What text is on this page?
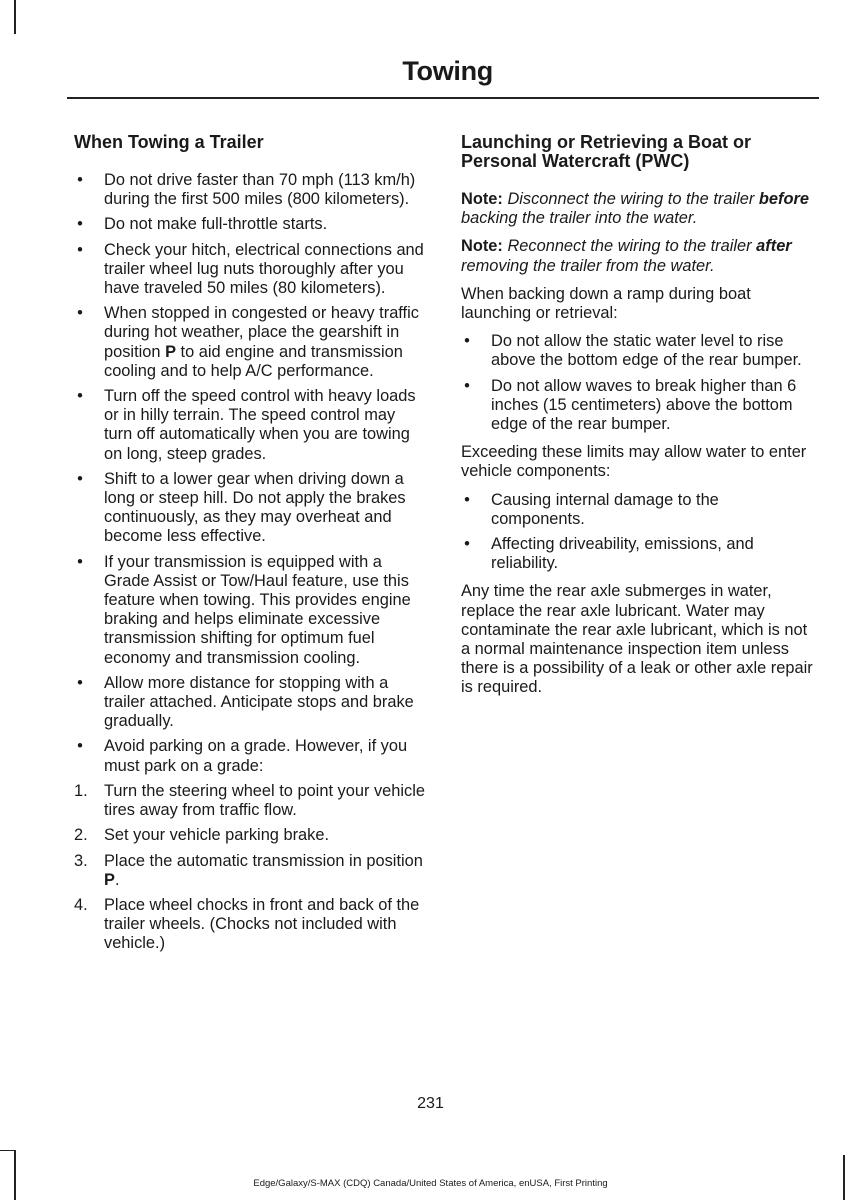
Towing
When Towing a Trailer
• Do not drive faster than 70 mph (113 km/h) during the first 500 miles (800 kilometers).
• Do not make full-throttle starts.
• Check your hitch, electrical connections and trailer wheel lug nuts thoroughly after you have traveled 50 miles (80 kilometers).
• When stopped in congested or heavy traffic during hot weather, place the gearshift in position P to aid engine and transmission cooling and to help A/C performance.
• Turn off the speed control with heavy loads or in hilly terrain. The speed control may turn off automatically when you are towing on long, steep grades.
• Shift to a lower gear when driving down a long or steep hill. Do not apply the brakes continuously, as they may overheat and become less effective.
• If your transmission is equipped with a Grade Assist or Tow/Haul feature, use this feature when towing. This provides engine braking and helps eliminate excessive transmission shifting for optimum fuel economy and transmission cooling.
• Allow more distance for stopping with a trailer attached. Anticipate stops and brake gradually.
• Avoid parking on a grade. However, if you must park on a grade:
1. Turn the steering wheel to point your vehicle tires away from traffic flow.
2. Set your vehicle parking brake.
3. Place the automatic transmission in position P.
4. Place wheel chocks in front and back of the trailer wheels. (Chocks not included with vehicle.)
Launching or Retrieving a Boat or Personal Watercraft (PWC)

Note: Disconnect the wiring to the trailer before backing the trailer into the water.

Note: Reconnect the wiring to the trailer after removing the trailer from the water.

When backing down a ramp during boat launching or retrieval:

• Do not allow the static water level to rise above the bottom edge of the rear bumper.
• Do not allow waves to break higher than 6 inches (15 centimeters) above the bottom edge of the rear bumper.

Exceeding these limits may allow water to enter vehicle components:

• Causing internal damage to the components.
• Affecting driveability, emissions, and reliability.

Any time the rear axle submerges in water, replace the rear axle lubricant. Water may contaminate the rear axle lubricant, which is not a normal maintenance inspection item unless there is a possibility of a leak or other axle repair is required.

231
Edge/Galaxy/S-MAX (CDQ) Canada/United States of America, enUSA, First Printing
